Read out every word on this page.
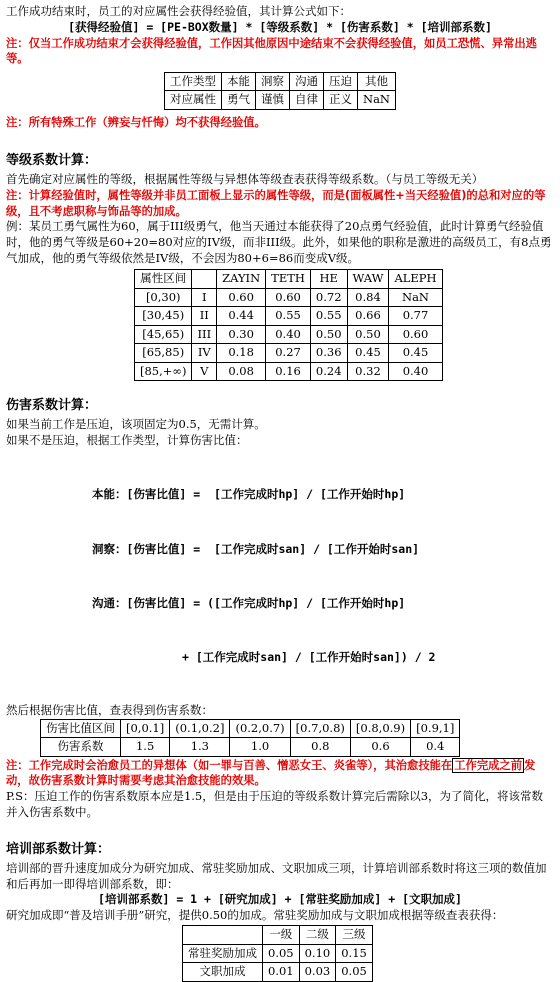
工作成功结束时，员工的对应属性会获得经验值，其计算公式如下：

[获得经验值] = [PE-BOX数量] * [等级系数] * [伤害系数] * [培训部系数]

注：仅当工作成功结束才会获得经验值，工作因其他原因中途结束不会获得经验值，如员工恐慌、异常出逃等。

工作类型	本能	洞察	沟通	压迫	其他
对应属性	勇气	谨慎	自律	正义	NaN

注：所有特殊工作（辨妄与忏悔）均不获得经验值。

等级系数计算：

首先确定对应属性的等级，根据属性等级与异想体等级查表获得等级系数。（与员工等级无关）

注：计算经验值时，属性等级并非员工面板上显示的属性等级，而是(面板属性+当天经验值)的总和对应的等级，且不考虑职称与饰品等的加成。

例：某员工勇气属性为60，属于III级勇气，他当天通过本能获得了20点勇气经验值，此时计算勇气经验值时，他的勇气等级是60+20=80对应的IV级，而非III级。此外，如果他的职称是激进的高级员工，有8点勇气加成，他的勇气等级依然是IV级，不会因为80+6=86而变成V级。

属性区间		ZAYIN	TETH	HE	WAW	ALEPH
[0,30)	I	0.60	0.60	0.72	0.84	NaN
[30,45)	II	0.44	0.55	0.55	0.66	0.77
[45,65)	III	0.30	0.40	0.50	0.50	0.60
[65,85)	IV	0.18	0.27	0.36	0.45	0.45
[85,+∞)	V	0.08	0.16	0.24	0.32	0.40

伤害系数计算：

如果当前工作是压迫，该项固定为0.5，无需计算。

如果不是压迫，根据工作类型，计算伤害比值：

本能：[伤害比值] =  [工作完成时hp] / [工作开始时hp]

洞察：[伤害比值] =  [工作完成时san] / [工作开始时san]

沟通：[伤害比值] = ([工作完成时hp] / [工作开始时hp]

+ [工作完成时san] / [工作开始时san]) / 2

然后根据伤害比值，查表得到伤害系数：

伤害比值区间	[0,0.1]	(0.1,0.2]	(0.2,0.7)	[0.7,0.8)	[0.8,0.9)	[0.9,1]
伤害系数	1.5	1.3	1.0	0.8	0.6	0.4

注：工作完成时会治愈员工的异想体（如一罪与百善、憎恶女王、炎雀等），其治愈技能在 工作完成之前 发动，故伤害系数计算时需要考虑其治愈技能的效果。

P.S：压迫工作的伤害系数原本应是1.5，但是由于压迫的等级系数计算完后需除以3，为了简化，将该常数并入伤害系数中。

培训部系数计算：

培训部的晋升速度加成分为研究加成、常驻奖励加成、文职加成三项，计算培训部系数时将这三项的数值加和后再加一即得培训部系数，即：

[培训部系数] = 1 + [研究加成] + [常驻奖励加成] + [文职加成]

研究加成即“普及培训手册”研究，提供0.50的加成。常驻奖励加成与文职加成根据等级查表获得：

	一级	二级	三级
常驻奖励加成	0.05	0.10	0.15
文职加成	0.01	0.03	0.05
